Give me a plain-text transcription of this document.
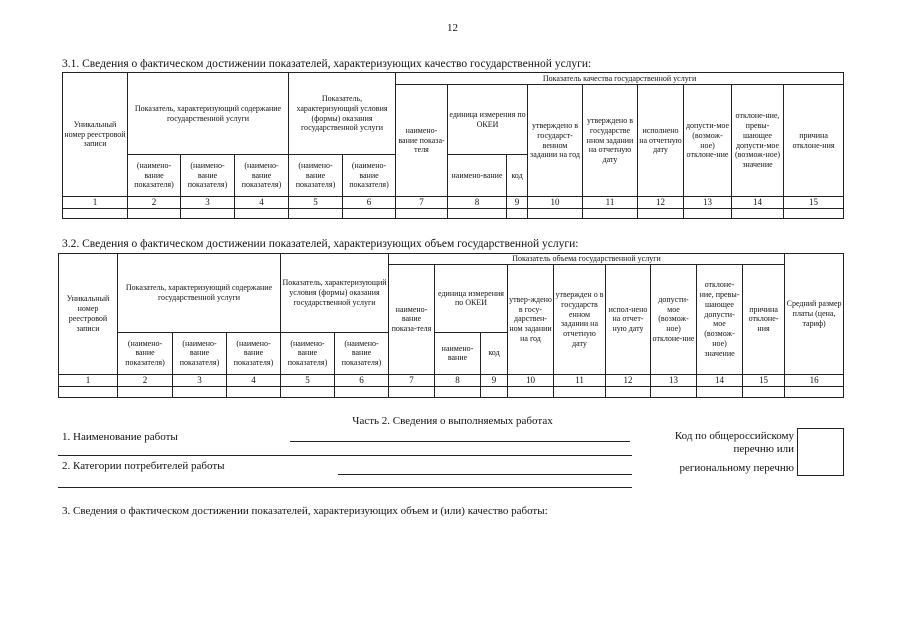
12
3.1. Сведения о фактическом достижении показателей, характеризующих качество государственной услуги:
Уникальный номер реестровой записи	Показатель, характеризующий содержание государственной услуги			Показатель, характеризующий условия (формы) оказания государственной услуги		Показатель качества государственной услуги								
						наимено-вание показа-теля	единица измерения по ОКЕИ		утверждено в государст-венном задании на год	утверждено в государстве нном задании на отчетную дату	исполнено на отчетную дату	допусти-мое (возмож-ное) отклоне-ние	отклоне-ние, превы-шающее допусти-мое (возмож-ное) значение	причина отклоне-ния
	(наимено-вание показателя)	(наимено-вание показателя)	(наимено-вание показателя)	(наимено-вание показателя)	(наимено-вание показателя)		наимено-вание	код						
1	2	3	4	5	6	7	8	9	10	11	12	13	14	15

3.2. Сведения о фактическом достижении показателей, характеризующих объем государственной услуги:
Уникальный номер реестровой записи	Показатель, характеризующий содержание государственной услуги			Показатель, характеризующий условия (формы) оказания государственной услуги		Показатель объема государственной услуги									Средний размер платы (цена, тариф)
						наимено-вание показа-теля	единица измерения по ОКЕИ		утвер-ждено в госу-дарствен-ном задании на год	утвержден о в государств енном задании на отчетную дату	испол-нено на отчет-ную дату	допусти-мое (возмож-ное) отклоне-ние	отклоне-ние, превы-шающее допусти-мое (возмож-ное) значение	причина отклоне-ния	
	(наимено-вание показателя)	(наимено-вание показателя)	(наимено-вание показателя)	(наимено-вание показателя)	(наимено-вание показателя)		наимено-вание	код							
1	2	3	4	5	6	7	8	9	10	11	12	13	14	15	16

Часть 2. Сведения о выполняемых работах
1. Наименование работы
2. Категории потребителей работы
Код по общероссийскому
перечню или
региональному перечню
3. Сведения о фактическом достижении показателей, характеризующих объем и (или) качество работы:
